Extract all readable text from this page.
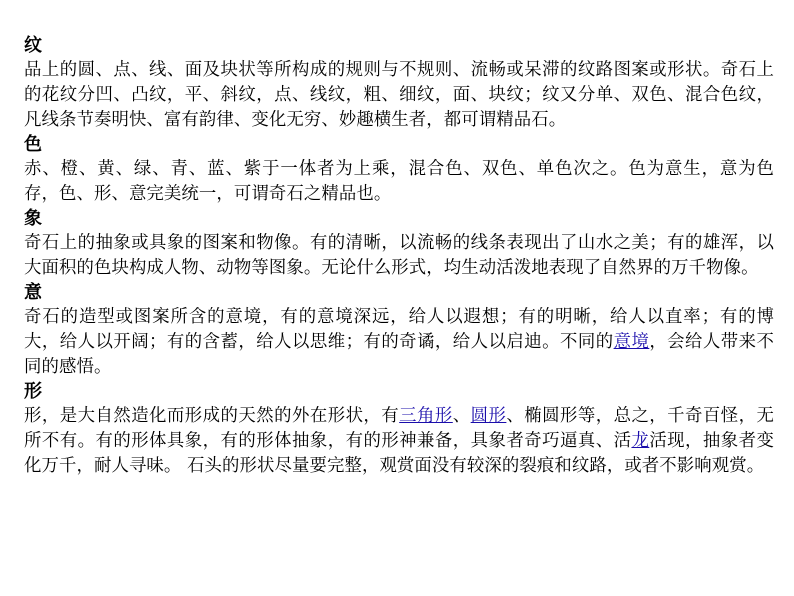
纹

品上的圆、点、线、面及块状等所构成的规则与不规则、流畅或呆滞的纹路图案或形状。奇石上的花纹分凹、凸纹，平、斜纹，点、线纹，粗、细纹，面、块纹；纹又分单、双色、混合色纹，凡线条节奏明快、富有韵律、变化无穷、妙趣横生者，都可谓精品石。

色

赤、橙、黄、绿、青、蓝、紫于一体者为上乘，混合色、双色、单色次之。色为意生，意为色存，色、形、意完美统一，可谓奇石之精品也。

象

奇石上的抽象或具象的图案和物像。有的清晰，以流畅的线条表现出了山水之美；有的雄浑，以大面积的色块构成人物、动物等图象。无论什么形式，均生动活泼地表现了自然界的万千物像。

意

奇石的造型或图案所含的意境，有的意境深远，给人以遐想；有的明晰，给人以直率；有的博大，给人以开阔；有的含蓄，给人以思维；有的奇谲，给人以启迪。不同的意境，会给人带来不同的感悟。

形

形，是大自然造化而形成的天然的外在形状，有三角形、圆形、椭圆形等，总之，千奇百怪，无所不有。有的形体具象，有的形体抽象，有的形神兼备，具象者奇巧逼真、活龙活现，抽象者变化万千，耐人寻味。 石头的形状尽量要完整，观赏面没有较深的裂痕和纹路，或者不影响观赏。
